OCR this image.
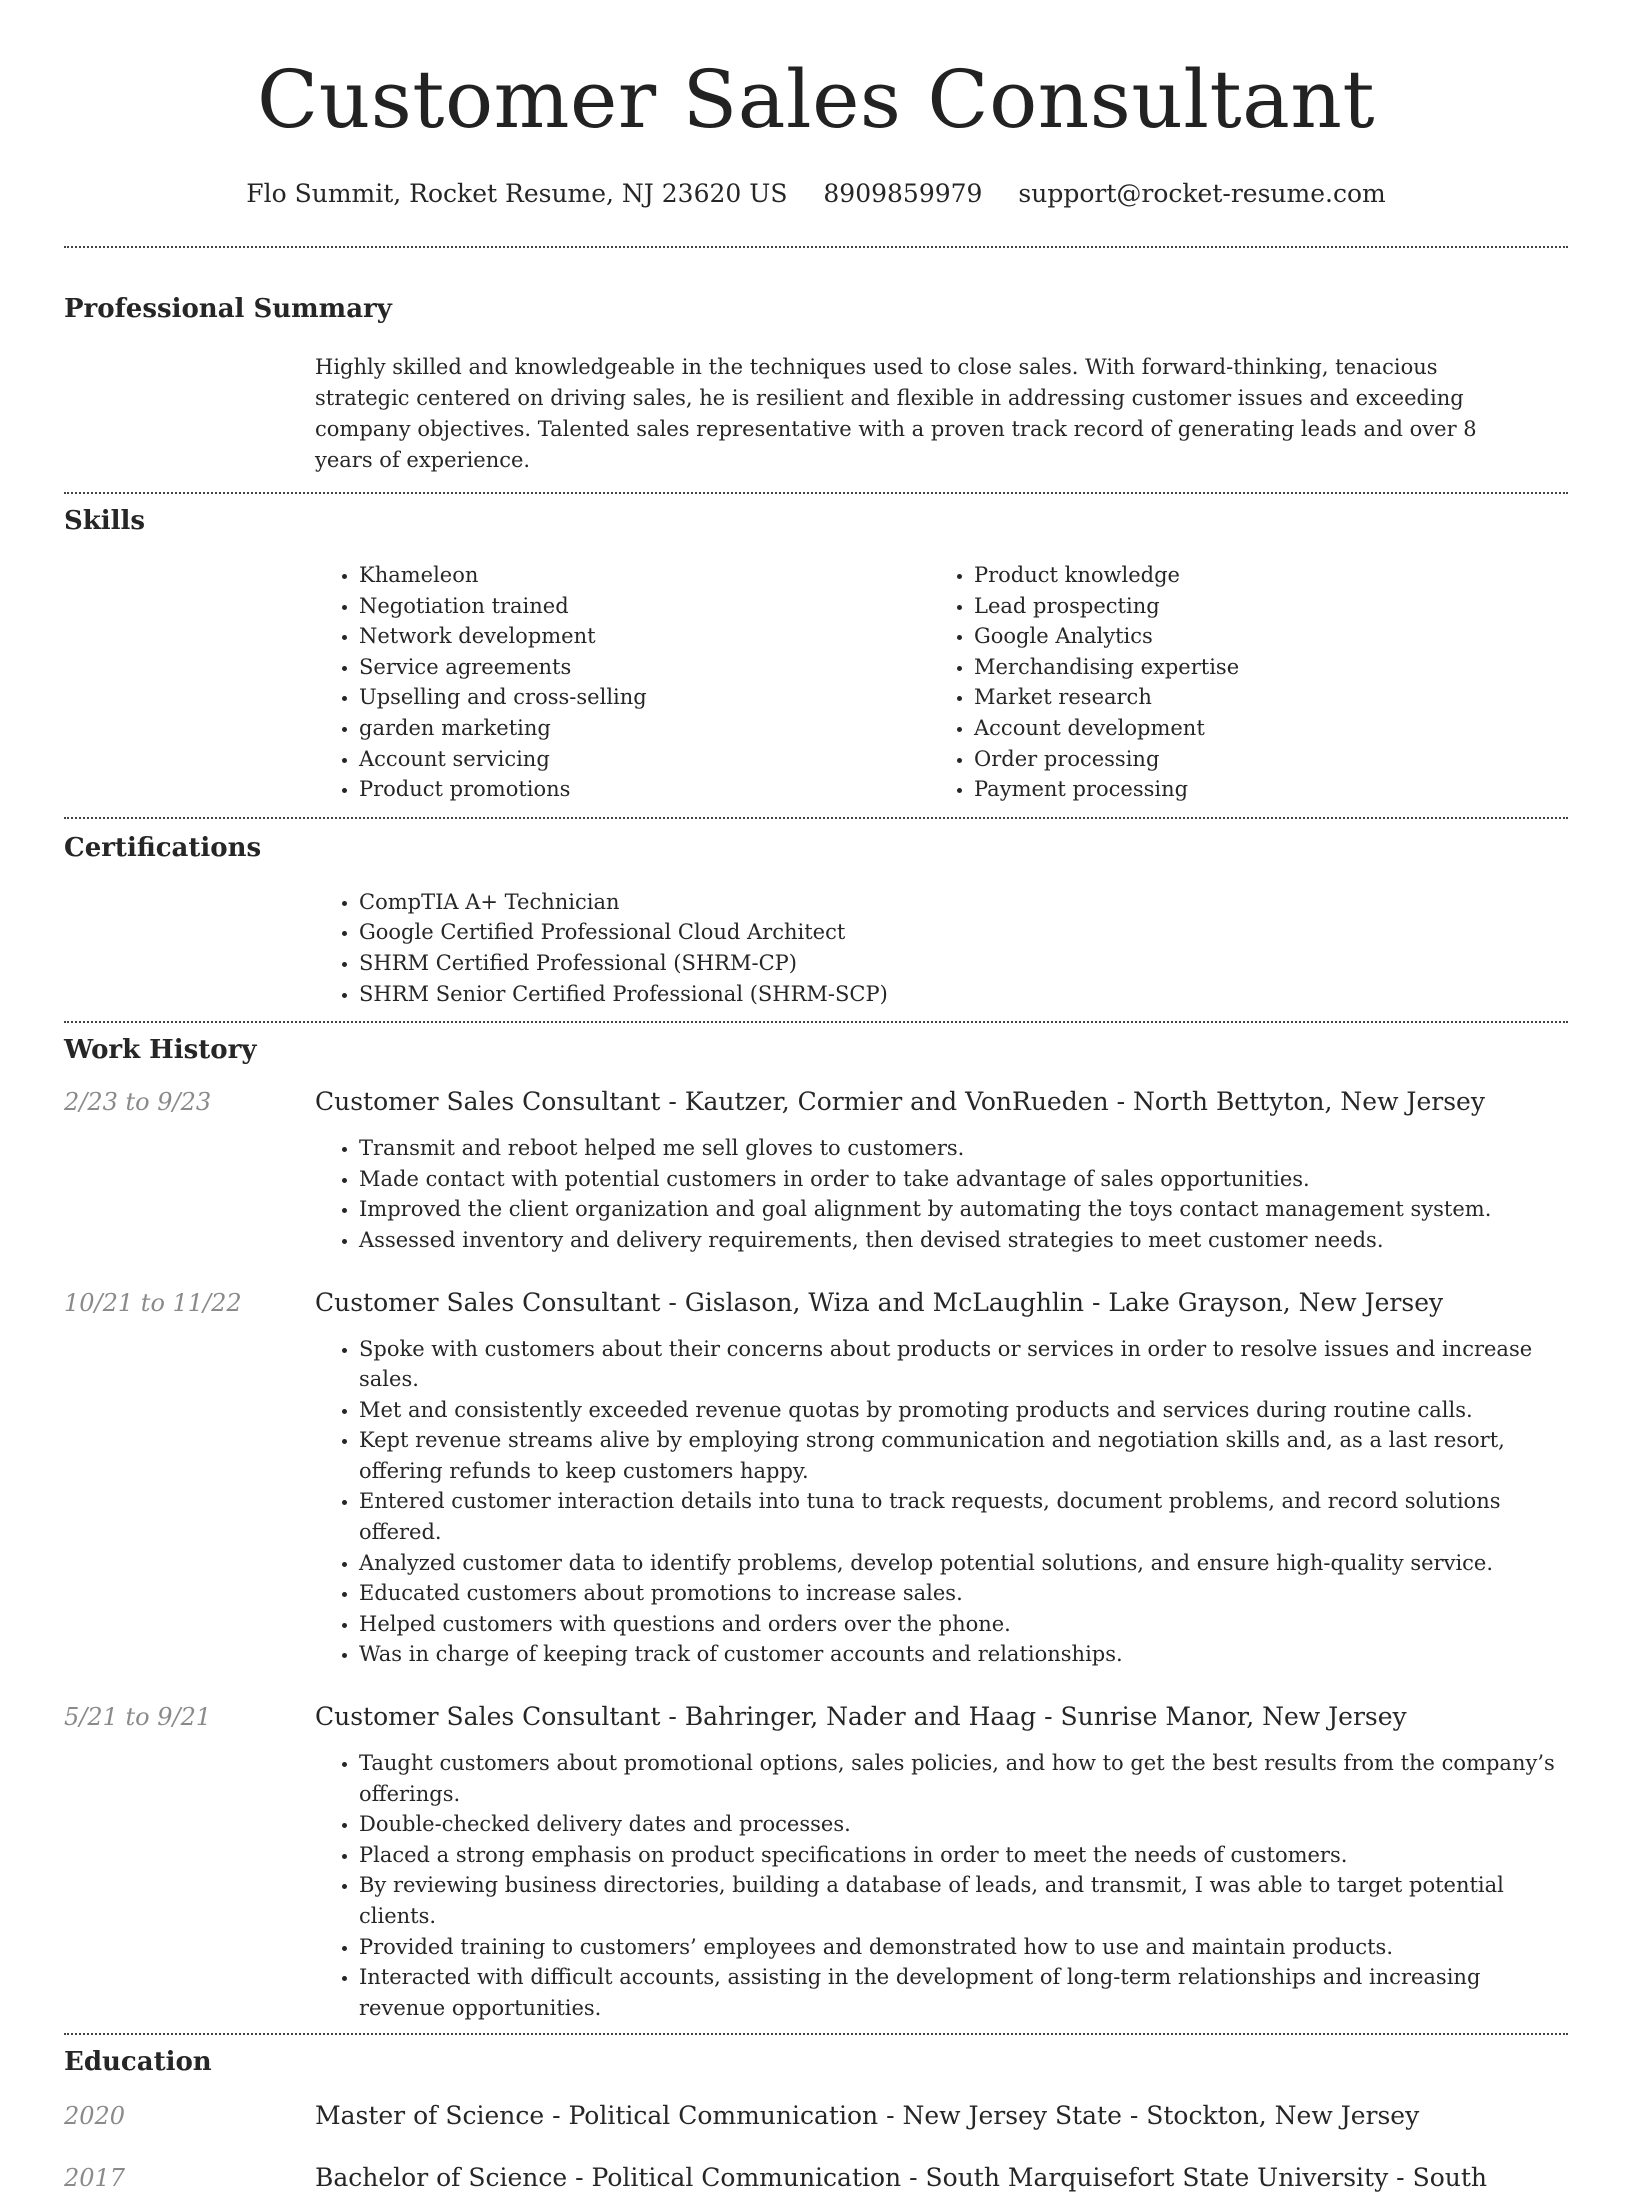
Customer Sales Consultant
Flo Summit, Rocket Resume, NJ 23620 US 8909859979 support@rocket-resume.com
Professional Summary

Highly skilled and knowledgeable in the techniques used to close sales. With forward-thinking, tenacious strategic centered on driving sales, he is resilient and flexible in addressing customer issues and exceeding company objectives. Talented sales representative with a proven track record of generating leads and over 8 years of experience.

Skills
• Khameleon
• Negotiation trained
• Network development
• Service agreements
• Upselling and cross-selling
• garden marketing
• Account servicing
• Product promotions
• Product knowledge
• Lead prospecting
• Google Analytics
• Merchandising expertise
• Market research
• Account development
• Order processing
• Payment processing
Certifications
• CompTIA A+ Technician
• Google Certified Professional Cloud Architect
• SHRM Certified Professional (SHRM-CP)
• SHRM Senior Certified Professional (SHRM-SCP)
Work History
2/23 to 9/23	Customer Sales Consultant - Kautzer, Cormier and VonRueden - North Bettyton, New Jersey
• Transmit and reboot helped me sell gloves to customers.
• Made contact with potential customers in order to take advantage of sales opportunities.
• Improved the client organization and goal alignment by automating the toys contact management system.
• Assessed inventory and delivery requirements, then devised strategies to meet customer needs.
10/21 to 11/22	Customer Sales Consultant - Gislason, Wiza and McLaughlin - Lake Grayson, New Jersey
• Spoke with customers about their concerns about products or services in order to resolve issues and increase sales.
• Met and consistently exceeded revenue quotas by promoting products and services during routine calls.
• Kept revenue streams alive by employing strong communication and negotiation skills and, as a last resort, offering refunds to keep customers happy.
• Entered customer interaction details into tuna to track requests, document problems, and record solutions offered.
• Analyzed customer data to identify problems, develop potential solutions, and ensure high-quality service.
• Educated customers about promotions to increase sales.
• Helped customers with questions and orders over the phone.
• Was in charge of keeping track of customer accounts and relationships.
5/21 to 9/21	Customer Sales Consultant - Bahringer, Nader and Haag - Sunrise Manor, New Jersey
• Taught customers about promotional options, sales policies, and how to get the best results from the company’s offerings.
• Double-checked delivery dates and processes.
• Placed a strong emphasis on product specifications in order to meet the needs of customers.
• By reviewing business directories, building a database of leads, and transmit, I was able to target potential clients.
• Provided training to customers’ employees and demonstrated how to use and maintain products.
• Interacted with difficult accounts, assisting in the development of long-term relationships and increasing revenue opportunities.
Education
2020	Master of Science - Political Communication - New Jersey State - Stockton, New Jersey
2017	Bachelor of Science - Political Communication - South Marquisefort State University - South
